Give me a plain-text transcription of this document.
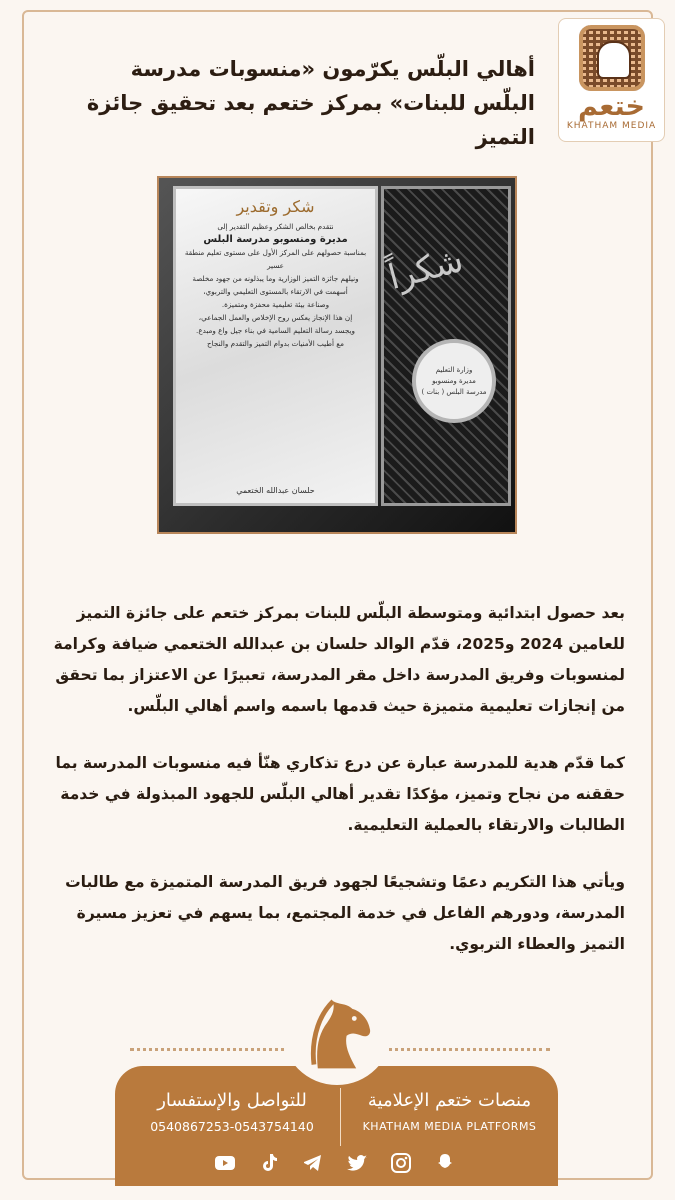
ختعم
KHATHAM MEDIA
أهالي البلّس يكرّمون «منسوبات مدرسة البلّس للبنات» بمركز ختعم بعد تحقيق جائزة التميز
شكر وتقدير
نتقدم بخالص الشكر وعظيم التقدير إلى
مديرة ومنسوبو مدرسة البلس
بمناسبة حصولهم على المركز الأول على مستوى تعليم منطقة عسير
ونيلهم جائزة التميز الوزارية وما يبذلونه من جهود مخلصة
أسهمت في الارتقاء بالمستوى التعليمي والتربوي،
وصناعة بيئة تعليمية محفزة ومتميزة.
إن هذا الإنجاز يعكس روح الإخلاص والعمل الجماعي،
ويجسد رسالة التعليم السامية في بناء جيل واع ومبدع.
مع أطيب الأمنيات بدوام التميز والتقدم والنجاح
حلسان عبدالله الختعمي
شكراً
وزارة التعليم
مديرة ومنسوبو
مدرسة البلس ( بنات )

بعد حصول ابتدائية ومتوسطة البلّس للبنات بمركز ختعم على جائزة التميز للعامين 2024 و2025، قدّم الوالد حلسان بن عبدالله الختعمي ضيافة وكرامة لمنسوبات وفريق المدرسة داخل مقر المدرسة، تعبيرًا عن الاعتزاز بما تحقق من إنجازات تعليمية متميزة حيث قدمها باسمه واسم أهالي البلّس.

كما قدّم هدية للمدرسة عبارة عن درع تذكاري هنّأ فيه منسوبات المدرسة بما حققنه من نجاح وتميز، مؤكدًا تقدير أهالي البلّس للجهود المبذولة في خدمة الطالبات والارتقاء بالعملية التعليمية.

ويأتي هذا التكريم دعمًا وتشجيعًا لجهود فريق المدرسة المتميزة مع طالبات المدرسة، ودورهم الفاعل في خدمة المجتمع، بما يسهم في تعزيز مسيرة التميز والعطاء التربوي.

منصات ختعم الإعلامية
KHATHAM MEDIA PLATFORMS
للتواصل والإستفسار
0540867253-0543754140
